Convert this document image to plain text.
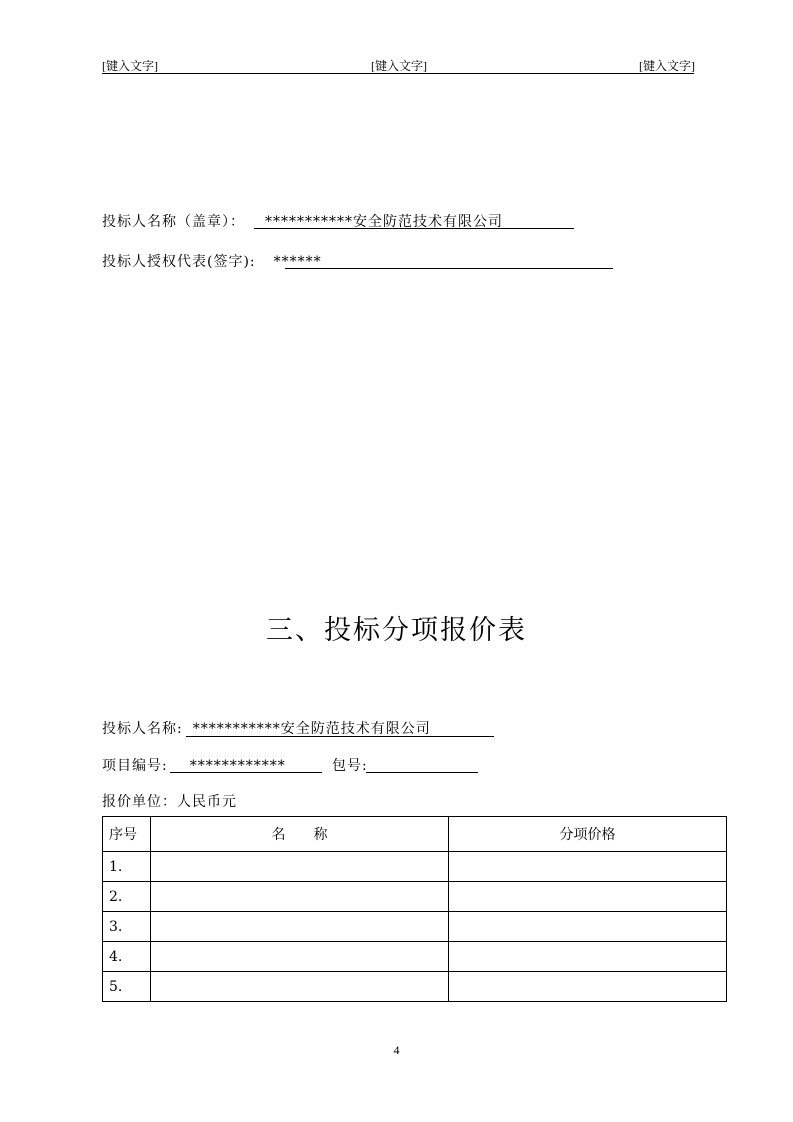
[键入文字]	[键入文字]	[键入文字]
投标人名称（盖章）： ***********安全防范技术有限公司
投标人授权代表(签字): ******
三、投标分项报价表
投标人名称: ***********安全防范技术有限公司
项目编号: ************	包号:
报价单位：人民币元
序号	名　　称	分项价格
1.		
2.		
3.		
4.		
5.		
4
